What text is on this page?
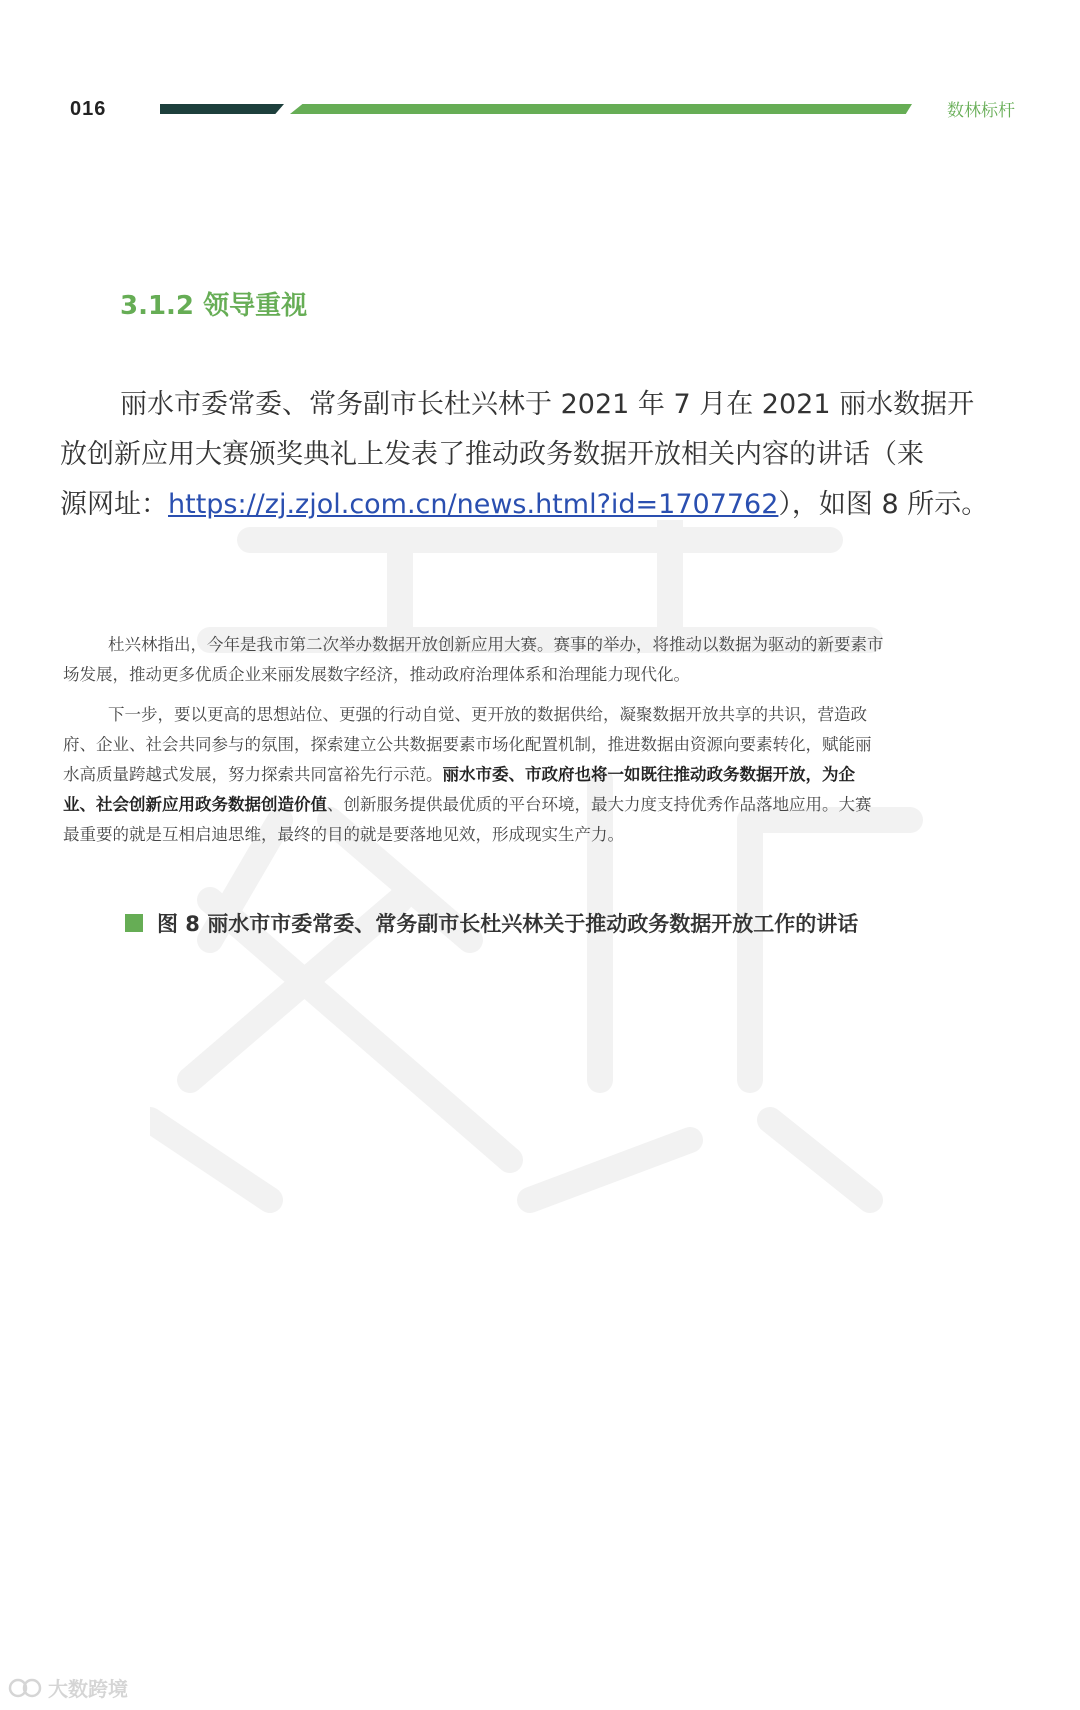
016	数林标杆
3.1.2 领导重视

丽水市委常委、常务副市长杜兴林于 2021 年 7 月在 2021 丽水数据开
放创新应用大赛颁奖典礼上发表了推动政务数据开放相关内容的讲话（来
源网址：https://zj.zjol.com.cn/news.html?id=1707762），如图 8 所示。

杜兴林指出，今年是我市第二次举办数据开放创新应用大赛。赛事的举办，将推动以数据为驱动的新要素市
场发展，推动更多优质企业来丽发展数字经济，推动政府治理体系和治理能力现代化。

下一步，要以更高的思想站位、更强的行动自觉、更开放的数据供给，凝聚数据开放共享的共识，营造政
府、企业、社会共同参与的氛围，探索建立公共数据要素市场化配置机制，推进数据由资源向要素转化，赋能丽
水高质量跨越式发展，努力探索共同富裕先行示范。丽水市委、市政府也将一如既往推动政务数据开放，为企
业、社会创新应用政务数据创造价值、创新服务提供最优质的平台环境，最大力度支持优秀作品落地应用。大赛
最重要的就是互相启迪思维，最终的目的就是要落地见效，形成现实生产力。

图 8 丽水市市委常委、常务副市长杜兴林关于推动政务数据开放工作的讲话
大数跨境
